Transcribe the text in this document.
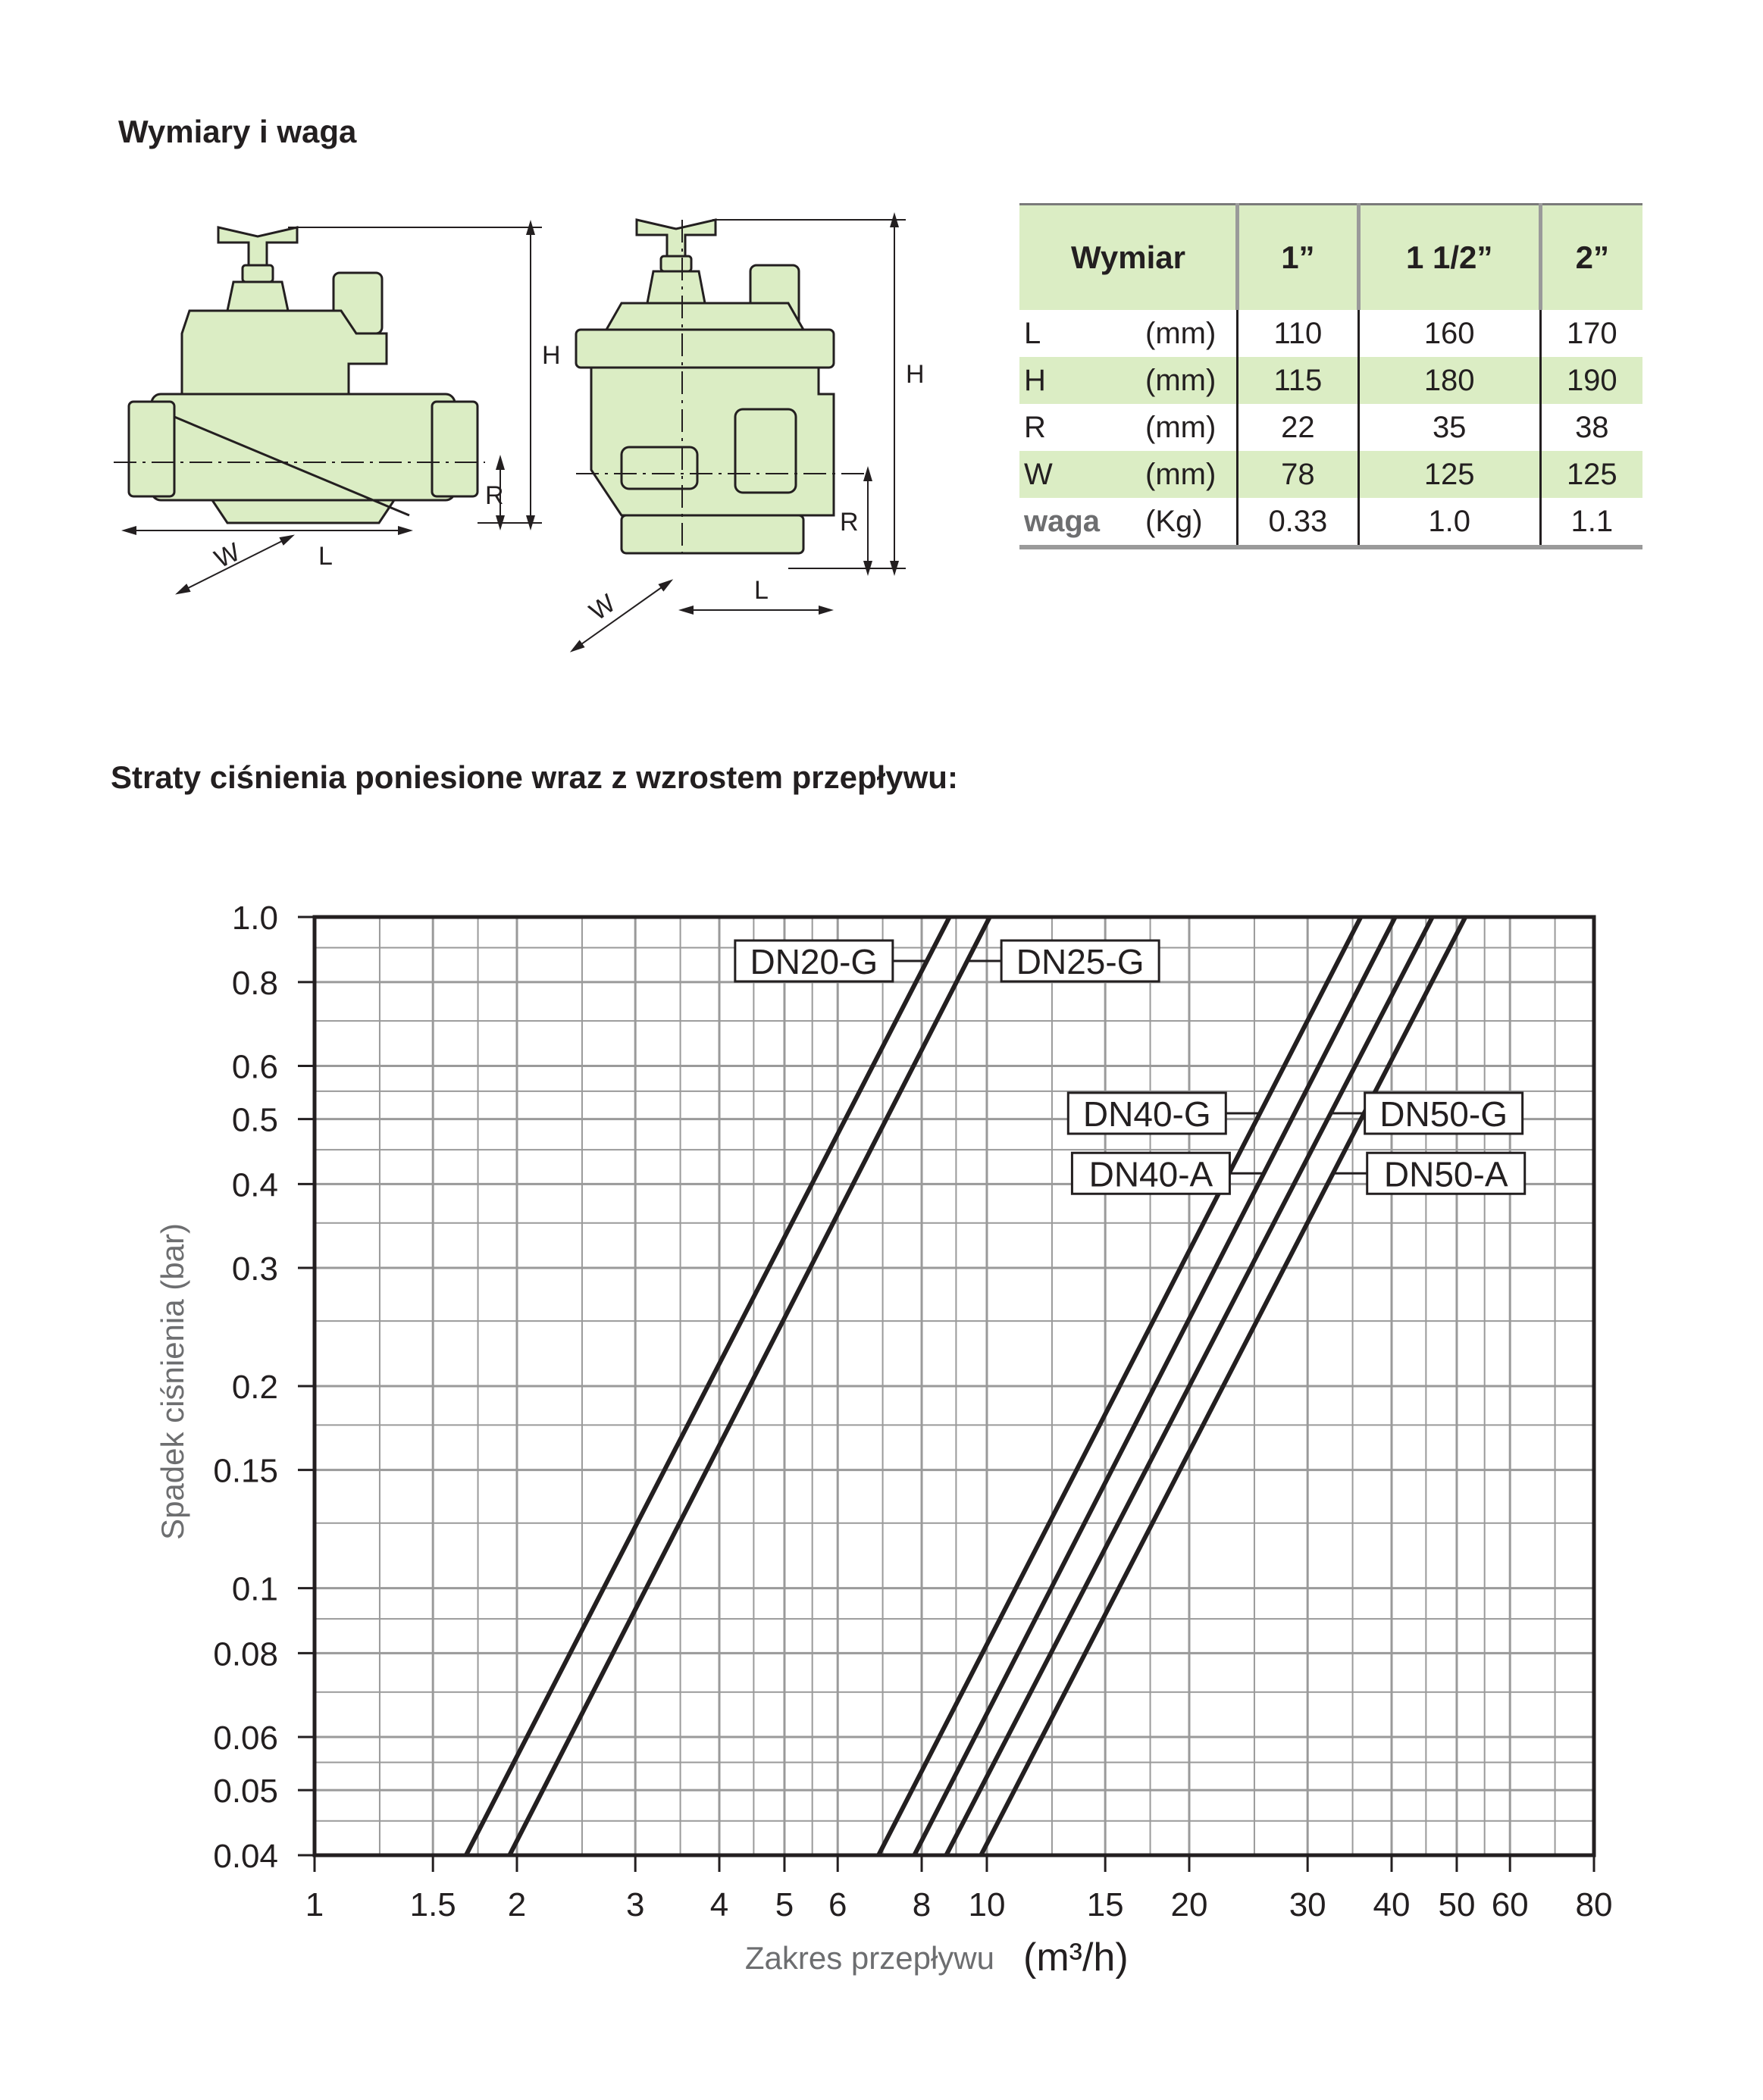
Wymiary i waga
H
R
W	L
H
R
W	L
Wymiar		1”	1 1/2”	2”
L	(mm)	110	160	170
H	(mm)	115	180	190
R	(mm)	22	35	38
W	(mm)	78	125	125
waga	(Kg)	0.33	1.0	1.1
Straty ciśnienia poniesione wraz z wzrostem przepływu:
DN20-G	DN25-G
DN40-G
DN40-A
DN50-G
DN50-A
1	1.5 2	3 4 5 6 8 10 15 20 30 40 50 60 80
0.04
0.05
0.06
0.08
0.1
0.15
0.2
0.3
0.4
0.5
0.6
0.8
1.0
Zakres przepływu (m³/h)
Spadek ciśnienia (bar)
